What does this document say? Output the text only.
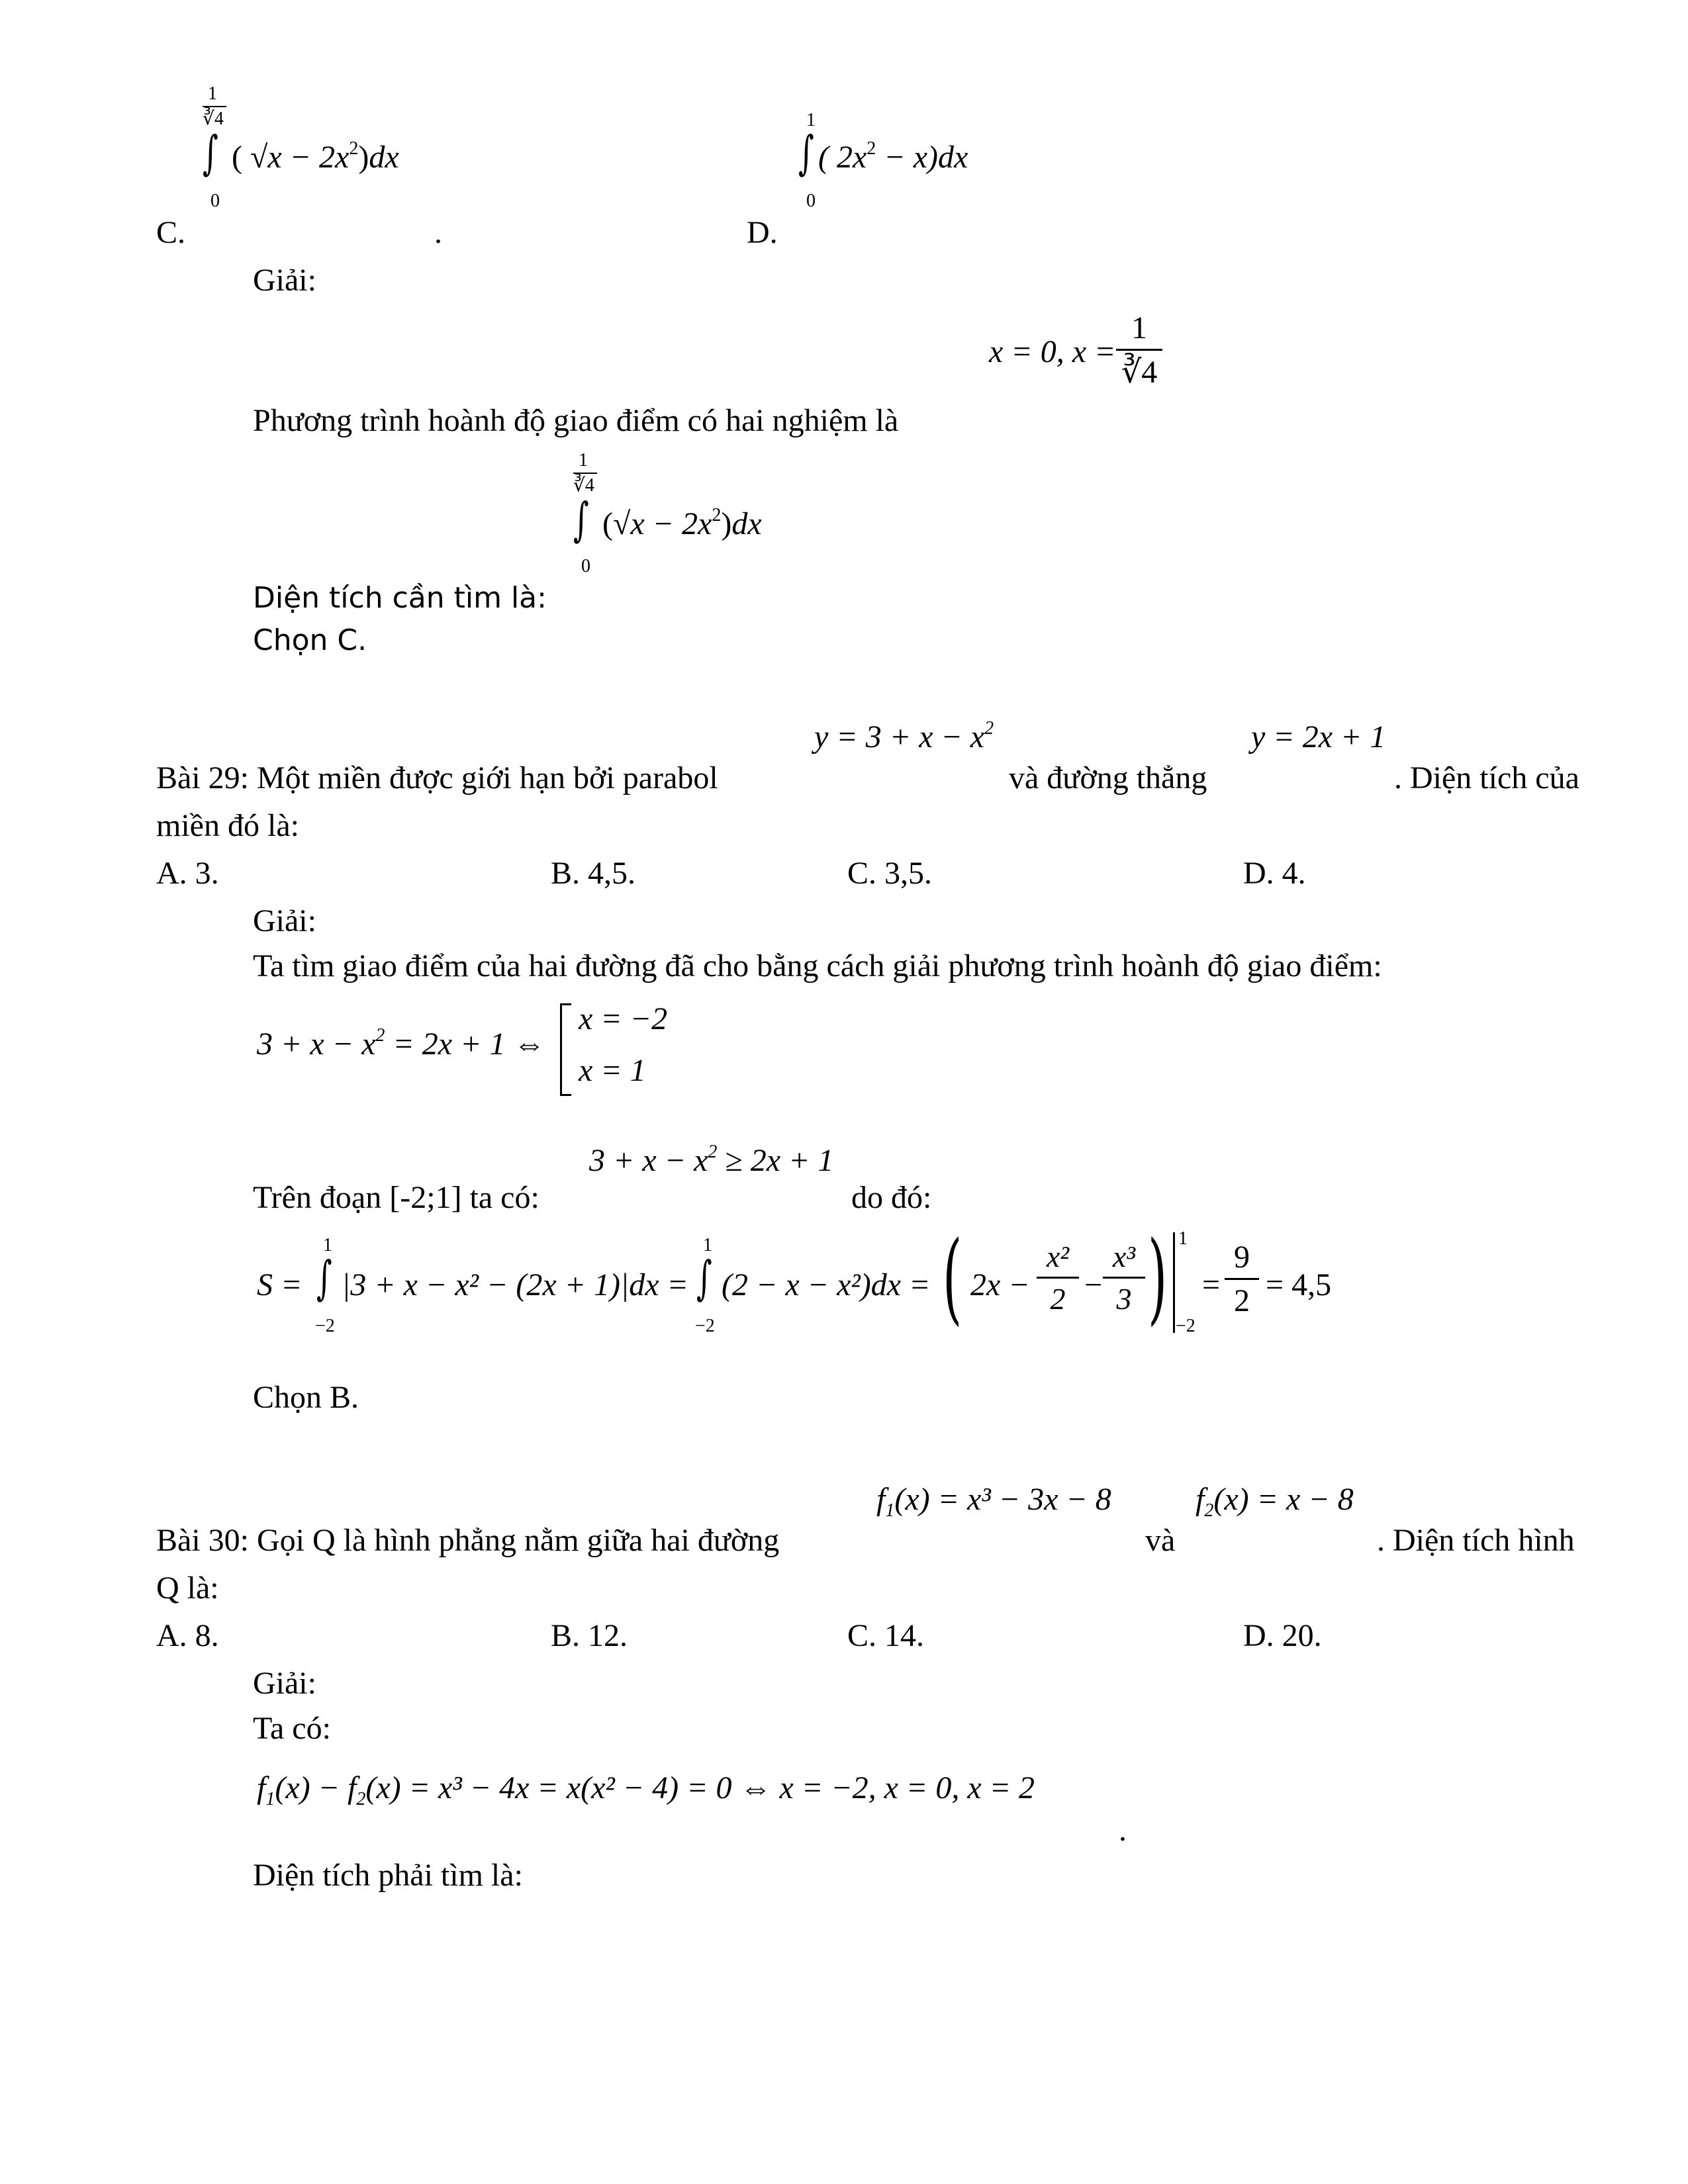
1
∛4
∫
0
( $√x - 2x^2)dx$
C.	.
1
∫
0
( $2x^2 - x)dx$
D.
Giải:
x = 0, $x = \frac{1}{∛4}$
Phương trình hoành độ giao điểm có hai nghiệm là
1
∛4
∫
0
$(√x - 2x^2)dx$
Diện tích cần tìm là:
Chọn C.
$y = 3 + x - x^2$	y = 2x + 1
Bài 29: Một miền được giới hạn bởi parabol	và đường thẳng	. Diện tích của
miền đó là:
A. 3.	B. 4,5.	C. 3,5.	D. 4.
Giải:
Ta tìm giao điểm của hai đường đã cho bằng cách giải phương trình hoành độ giao điểm:
$3 + x - x^2 = 2x + 1$ ⇔
x = −2
x = 1
$3 + x - x^2 \ge 2x + 1$
Trên đoạn [-2;1] ta có:	do đó:
S =
1
∫
−2
|3 + x − x² − (2x + 1)|dx =
1
∫
−2
(2 − x − x²)dx = ( $2x - \frac{\text{x²}}{2} - \frac{\text{x³}}{3}$ ) 1
−2
= $\frac{9}{2} = 4,5$
Chọn B.
$f_1(x) = x^3 - 3x - 8$	$f_2(x) = x - 8$
Bài 30: Gọi Q là hình phẳng nằm giữa hai đường	và	. Diện tích hình
Q là:
A. 8.	B. 12.	C. 14.	D. 20.
Giải:
Ta có:
$f_1(x) - f_2(x) = x^3 - 4x = x(x^2 - 4) = 0$ ⇔ x = −2, x = 0, x = 2
.
Diện tích phải tìm là:
